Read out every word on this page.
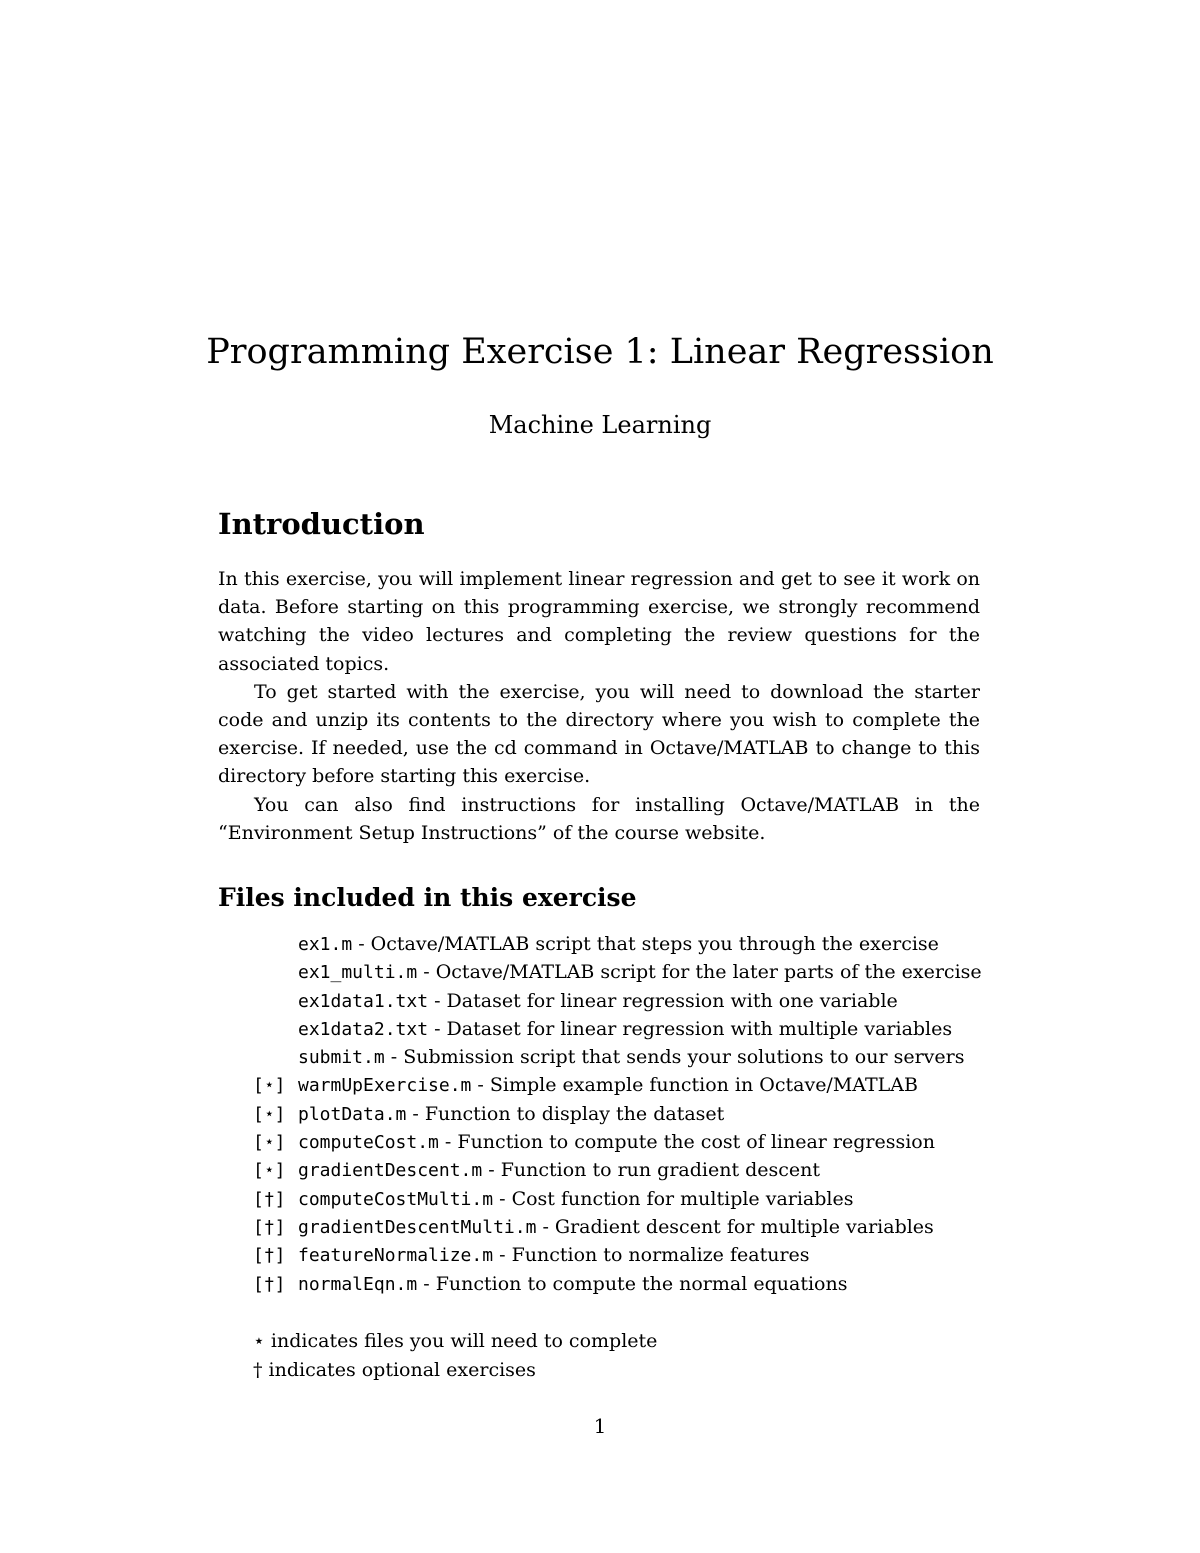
Programming Exercise 1: Linear Regression
Machine Learning
Introduction

In this exercise, you will implement linear regression and get to see it work on data. Before starting on this programming exercise, we strongly recommend watching the video lectures and completing the review questions for the associated topics.

To get started with the exercise, you will need to download the starter code and unzip its contents to the directory where you wish to complete the exercise. If needed, use the cd command in Octave/MATLAB to change to this directory before starting this exercise.

You can also find instructions for installing Octave/MATLAB in the “Environment Setup Instructions” of the course website.

Files included in this exercise
ex1.m - Octave/MATLAB script that steps you through the exercise
ex1_multi.m - Octave/MATLAB script for the later parts of the exercise
ex1data1.txt - Dataset for linear regression with one variable
ex1data2.txt - Dataset for linear regression with multiple variables
submit.m - Submission script that sends your solutions to our servers
[⋆] warmUpExercise.m - Simple example function in Octave/MATLAB
[⋆] plotData.m - Function to display the dataset
[⋆] computeCost.m - Function to compute the cost of linear regression
[⋆] gradientDescent.m - Function to run gradient descent
[†] computeCostMulti.m - Cost function for multiple variables
[†] gradientDescentMulti.m - Gradient descent for multiple variables
[†] featureNormalize.m - Function to normalize features
[†] normalEqn.m - Function to compute the normal equations
⋆ indicates files you will need to complete
† indicates optional exercises
1
